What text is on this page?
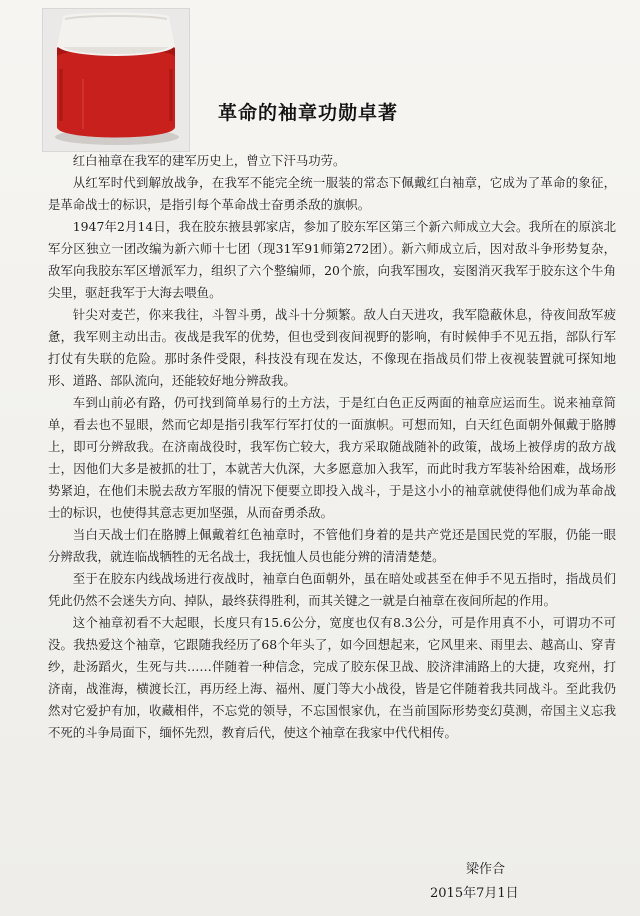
革命的袖章功勋卓著

红白袖章在我军的建军历史上，曾立下汗马功劳。

从红军时代到解放战争，在我军不能完全统一服装的常态下佩戴红白袖章，它成为了革命的象征，是革命战士的标识，是指引每个革命战士奋勇杀敌的旗帜。

1947年2月14日，我在胶东掖县郭家店，参加了胶东军区第三个新六师成立大会。我所在的原滨北军分区独立一团改编为新六师十七团（现31军91师第272团）。新六师成立后，因对敌斗争形势复杂，敌军向我胶东军区增派军力，组织了六个整编师，20个旅，向我军围攻，妄图消灭我军于胶东这个牛角尖里，驱赶我军于大海去喂鱼。

针尖对麦芒，你来我往，斗智斗勇，战斗十分频繁。敌人白天进攻，我军隐蔽休息，待夜间敌军疲惫，我军则主动出击。夜战是我军的优势，但也受到夜间视野的影响，有时候伸手不见五指，部队行军打仗有失联的危险。那时条件受限，科技没有现在发达，不像现在指战员们带上夜视装置就可探知地形、道路、部队流向，还能较好地分辨敌我。

车到山前必有路，仍可找到简单易行的土方法，于是红白色正反两面的袖章应运而生。说来袖章简单，看去也不显眼，然而它却是指引我军行军打仗的一面旗帜。可想而知，白天红色面朝外佩戴于胳膊上，即可分辨敌我。在济南战役时，我军伤亡较大，我方采取随战随补的政策，战场上被俘虏的敌方战士，因他们大多是被抓的壮丁，本就苦大仇深，大多愿意加入我军，而此时我方军装补给困难，战场形势紧迫，在他们未脱去敌方军服的情况下便要立即投入战斗，于是这小小的袖章就使得他们成为革命战士的标识，也使得其意志更加坚强，从而奋勇杀敌。

当白天战士们在胳膊上佩戴着红色袖章时，不管他们身着的是共产党还是国民党的军服，仍能一眼分辨敌我，就连临战牺牲的无名战士，我抚恤人员也能分辨的清清楚楚。

至于在胶东内线战场进行夜战时，袖章白色面朝外，虽在暗处或甚至在伸手不见五指时，指战员们凭此仍然不会迷失方向、掉队，最终获得胜利，而其关键之一就是白袖章在夜间所起的作用。

这个袖章初看不大起眼，长度只有15.6公分，宽度也仅有8.3公分，可是作用真不小，可谓功不可没。我热爱这个袖章，它跟随我经历了68个年头了，如今回想起来，它风里来、雨里去、越高山、穿青纱，赴汤蹈火，生死与共……伴随着一种信念，完成了胶东保卫战、胶济津浦路上的大捷，攻兖州，打济南，战淮海，横渡长江，再历经上海、福州、厦门等大小战役，皆是它伴随着我共同战斗。至此我仍然对它爱护有加，收藏相伴，不忘党的领导，不忘国恨家仇，在当前国际形势变幻莫测，帝国主义忘我不死的斗争局面下，缅怀先烈，教育后代，使这个袖章在我家中代代相传。

梁作合
2015年7月1日
